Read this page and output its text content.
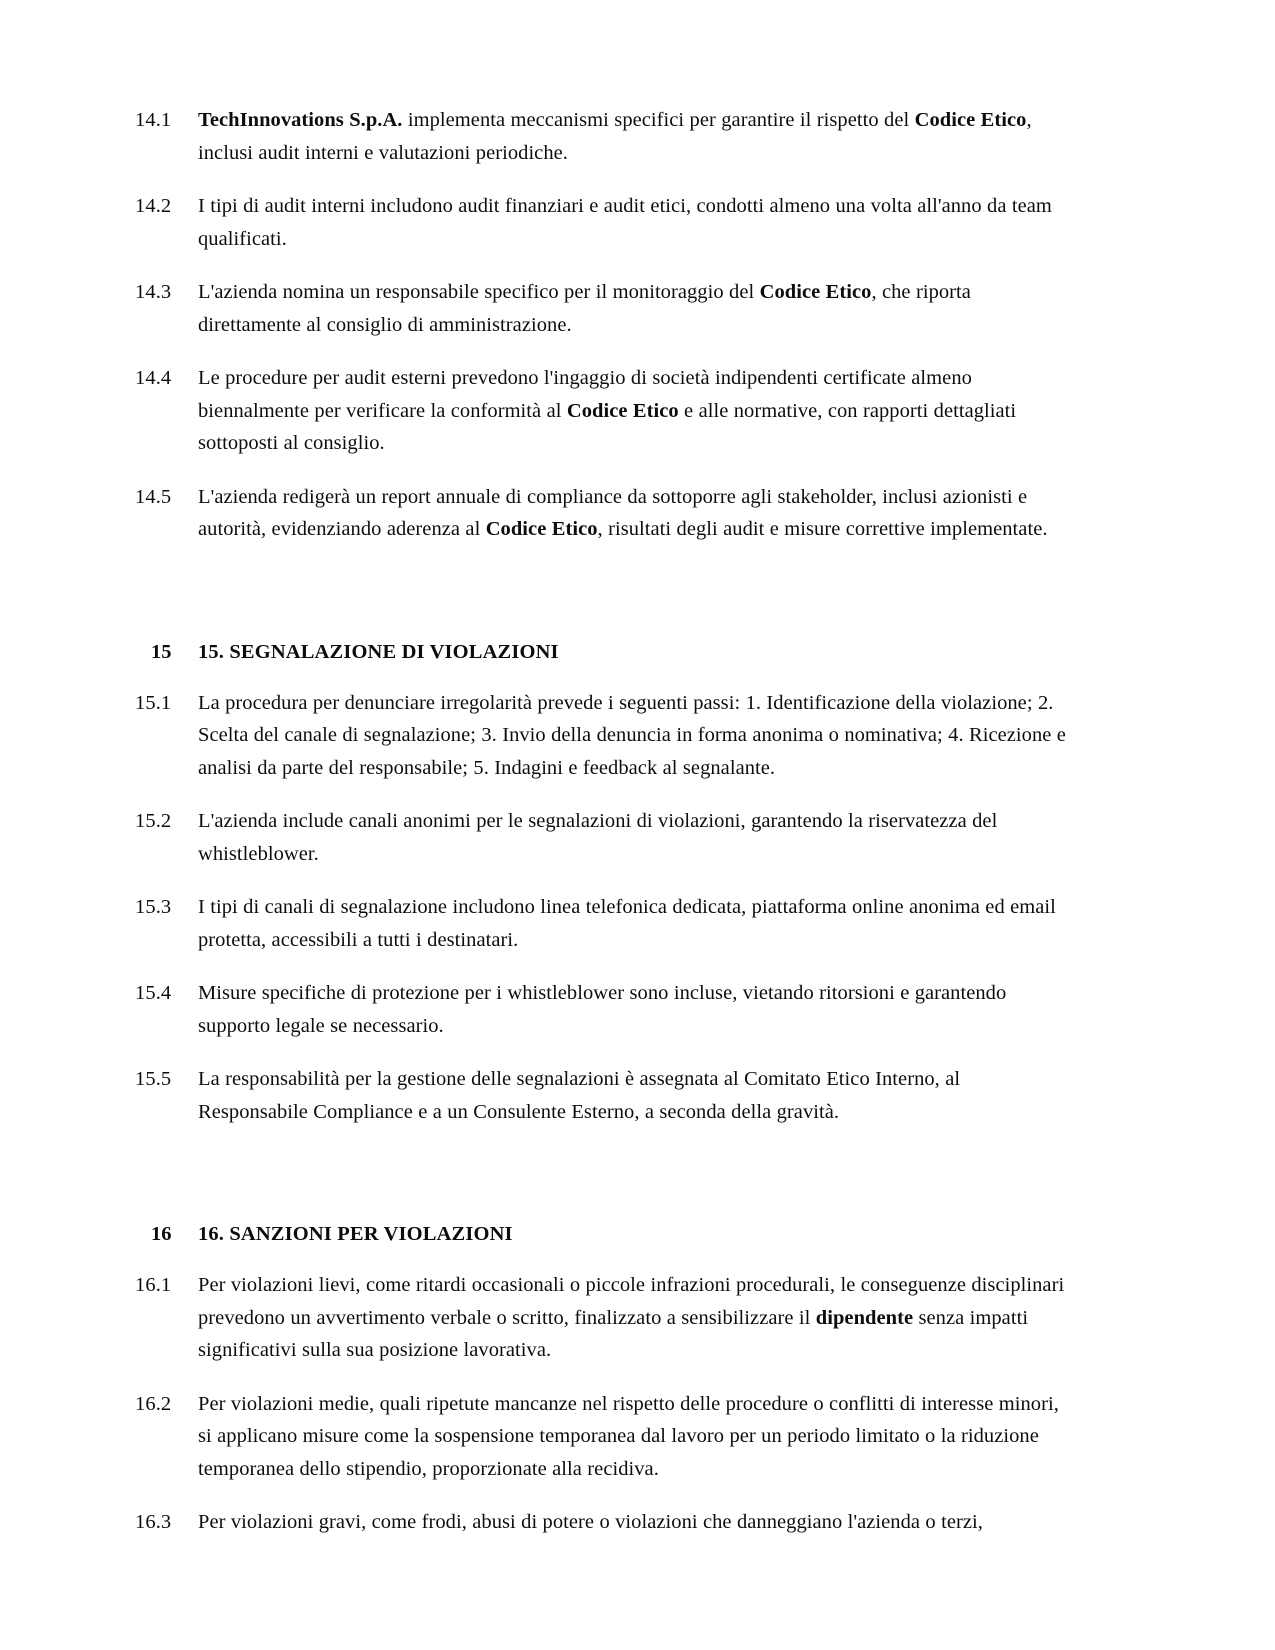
14.1	TechInnovations S.p.A. implementa meccanismi specifici per garantire il rispetto del Codice Etico, inclusi audit interni e valutazioni periodiche.
14.2	I tipi di audit interni includono audit finanziari e audit etici, condotti almeno una volta all'anno da team qualificati.
14.3	L'azienda nomina un responsabile specifico per il monitoraggio del Codice Etico, che riporta direttamente al consiglio di amministrazione.
14.4	Le procedure per audit esterni prevedono l'ingaggio di società indipendenti certificate almeno biennalmente per verificare la conformità al Codice Etico e alle normative, con rapporti dettagliati sottoposti al consiglio.
14.5	L'azienda redigerà un report annuale di compliance da sottoporre agli stakeholder, inclusi azionisti e autorità, evidenziando aderenza al Codice Etico, risultati degli audit e misure correttive implementate.
15	15. SEGNALAZIONE DI VIOLAZIONI
15.1	La procedura per denunciare irregolarità prevede i seguenti passi: 1. Identificazione della violazione; 2. Scelta del canale di segnalazione; 3. Invio della denuncia in forma anonima o nominativa; 4. Ricezione e analisi da parte del responsabile; 5. Indagini e feedback al segnalante.
15.2	L'azienda include canali anonimi per le segnalazioni di violazioni, garantendo la riservatezza del whistleblower.
15.3	I tipi di canali di segnalazione includono linea telefonica dedicata, piattaforma online anonima ed email protetta, accessibili a tutti i destinatari.
15.4	Misure specifiche di protezione per i whistleblower sono incluse, vietando ritorsioni e garantendo supporto legale se necessario.
15.5	La responsabilità per la gestione delle segnalazioni è assegnata al Comitato Etico Interno, al Responsabile Compliance e a un Consulente Esterno, a seconda della gravità.
16	16. SANZIONI PER VIOLAZIONI
16.1	Per violazioni lievi, come ritardi occasionali o piccole infrazioni procedurali, le conseguenze disciplinari prevedono un avvertimento verbale o scritto, finalizzato a sensibilizzare il dipendente senza impatti significativi sulla sua posizione lavorativa.
16.2	Per violazioni medie, quali ripetute mancanze nel rispetto delle procedure o conflitti di interesse minori, si applicano misure come la sospensione temporanea dal lavoro per un periodo limitato o la riduzione temporanea dello stipendio, proporzionate alla recidiva.
16.3	Per violazioni gravi, come frodi, abusi di potere o violazioni che danneggiano l'azienda o terzi,
